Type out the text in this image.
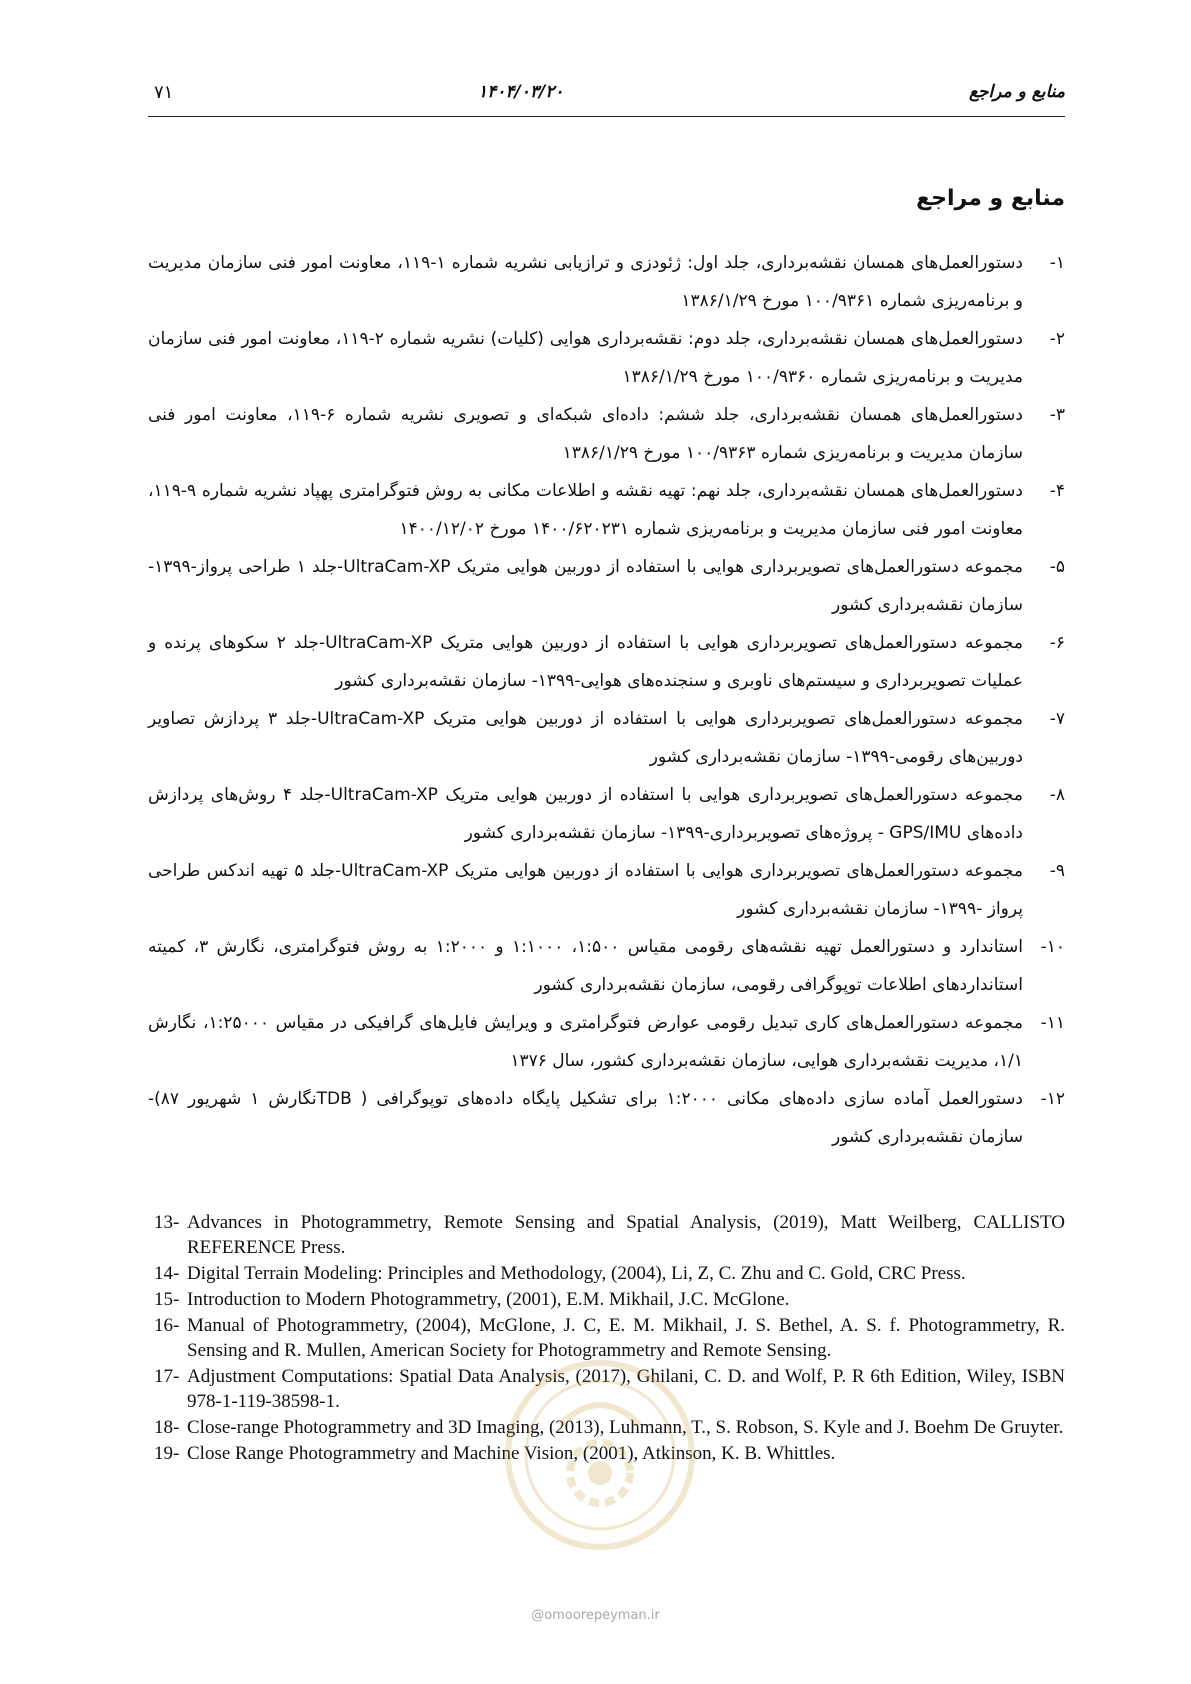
۷۱	۱۴۰۴/۰۳/۲۰	منابع و مراجع
منابع و مراجع
۱-
دستورالعمل‌های همسان نقشه‌برداری، جلد اول: ژئودزی و ترازیابی نشریه شماره ۱-۱۱۹، معاونت امور فنی سازمان مدیریت و برنامه‌ریزی شماره ۱۰۰/۹۳۶۱ مورخ ۱۳۸۶/۱/۲۹
۲-
دستورالعمل‌های همسان نقشه‌برداری، جلد دوم: نقشه‌برداری هوایی (کلیات) نشریه شماره ۲-۱۱۹، معاونت امور فنی سازمان مدیریت و برنامه‌ریزی شماره ۱۰۰/۹۳۶۰ مورخ ۱۳۸۶/۱/۲۹
۳-
دستورالعمل‌های همسان نقشه‌برداری، جلد ششم: داده‌ای شبکه‌ای و تصویری نشریه شماره ۶-۱۱۹، معاونت امور فنی سازمان مدیریت و برنامه‌ریزی شماره ۱۰۰/۹۳۶۳ مورخ ۱۳۸۶/۱/۲۹
۴-
دستورالعمل‌های همسان نقشه‌برداری، جلد نهم: تهیه نقشه و اطلاعات مکانی به روش فتوگرامتری پهپاد نشریه شماره ۹-۱۱۹، معاونت امور فنی سازمان مدیریت و برنامه‌ریزی شماره ۱۴۰۰/۶۲۰۲۳۱ مورخ ۱۴۰۰/۱۲/۰۲
۵-
مجموعه دستورالعمل‌های تصویربرداری هوایی با استفاده از دوربین هوایی متریک UltraCam-XP-جلد ۱ طراحی پرواز-۱۳۹۹- سازمان نقشه‌برداری کشور
۶-
مجموعه دستورالعمل‌های تصویربرداری هوایی با استفاده از دوربین هوایی متریک UltraCam-XP-جلد ۲ سکوهای پرنده و عملیات تصویربرداری و سیستم‌های ناوبری و سنجنده‌های هوایی-۱۳۹۹- سازمان نقشه‌برداری کشور
۷-
مجموعه دستورالعمل‌های تصویربرداری هوایی با استفاده از دوربین هوایی متریک UltraCam-XP-جلد ۳ پردازش تصاویر دوربین‌های رقومی-۱۳۹۹- سازمان نقشه‌برداری کشور
۸-
مجموعه دستورالعمل‌های تصویربرداری هوایی با استفاده از دوربین هوایی متریک UltraCam-XP-جلد ۴ روش‌های پردازش داده‌های GPS/IMU - پروژه‌های تصویربرداری-۱۳۹۹- سازمان نقشه‌برداری کشور
۹-
مجموعه دستورالعمل‌های تصویربرداری هوایی با استفاده از دوربین هوایی متریک UltraCam-XP-جلد ۵ تهیه اندکس طراحی پرواز -۱۳۹۹- سازمان نقشه‌برداری کشور
۱۰-
استاندارد و دستورالعمل تهیه نقشه‌های رقومی مقیاس ۱:۵۰۰، ۱:۱۰۰۰ و ۱:۲۰۰۰ به روش فتوگرامتری، نگارش ۳، کمیته استانداردهای اطلاعات توپوگرافی رقومی، سازمان نقشه‌برداری کشور
۱۱-
مجموعه دستورالعمل‌های کاری تبدیل رقومی عوارض فتوگرامتری و ویرایش فایل‌های گرافیکی در مقیاس ۱:۲۵۰۰۰، نگارش ۱/۱، مدیریت نقشه‌برداری هوایی، سازمان نقشه‌برداری کشور، سال ۱۳۷۶
۱۲-
دستورالعمل آماده سازی داده‌های مکانی ۱:۲۰۰۰ برای تشکیل پایگاه داده‌های توپوگرافی ( TDBنگارش ۱ شهریور ۸۷)- سازمان نقشه‌برداری کشور
13- Advances in Photogrammetry, Remote Sensing and Spatial Analysis, (2019), Matt Weilberg, CALLISTO REFERENCE Press.
14- Digital Terrain Modeling: Principles and Methodology, (2004), Li, Z, C. Zhu and C. Gold, CRC Press.
15- Introduction to Modern Photogrammetry, (2001), E.M. Mikhail, J.C. McGlone.
16- Manual of Photogrammetry, (2004), McGlone, J. C, E. M. Mikhail, J. S. Bethel, A. S. f. Photogrammetry, R. Sensing and R. Mullen, American Society for Photogrammetry and Remote Sensing.
17- Adjustment Computations: Spatial Data Analysis, (2017), Ghilani, C. D. and Wolf, P. R 6th Edition, Wiley, ISBN 978-1-119-38598-1.
18- Close-range Photogrammetry and 3D Imaging, (2013), Luhmann, T., S. Robson, S. Kyle and J. Boehm De Gruyter.
19- Close Range Photogrammetry and Machine Vision, (2001), Atkinson, K. B. Whittles.
@omoorepeyman.ir
